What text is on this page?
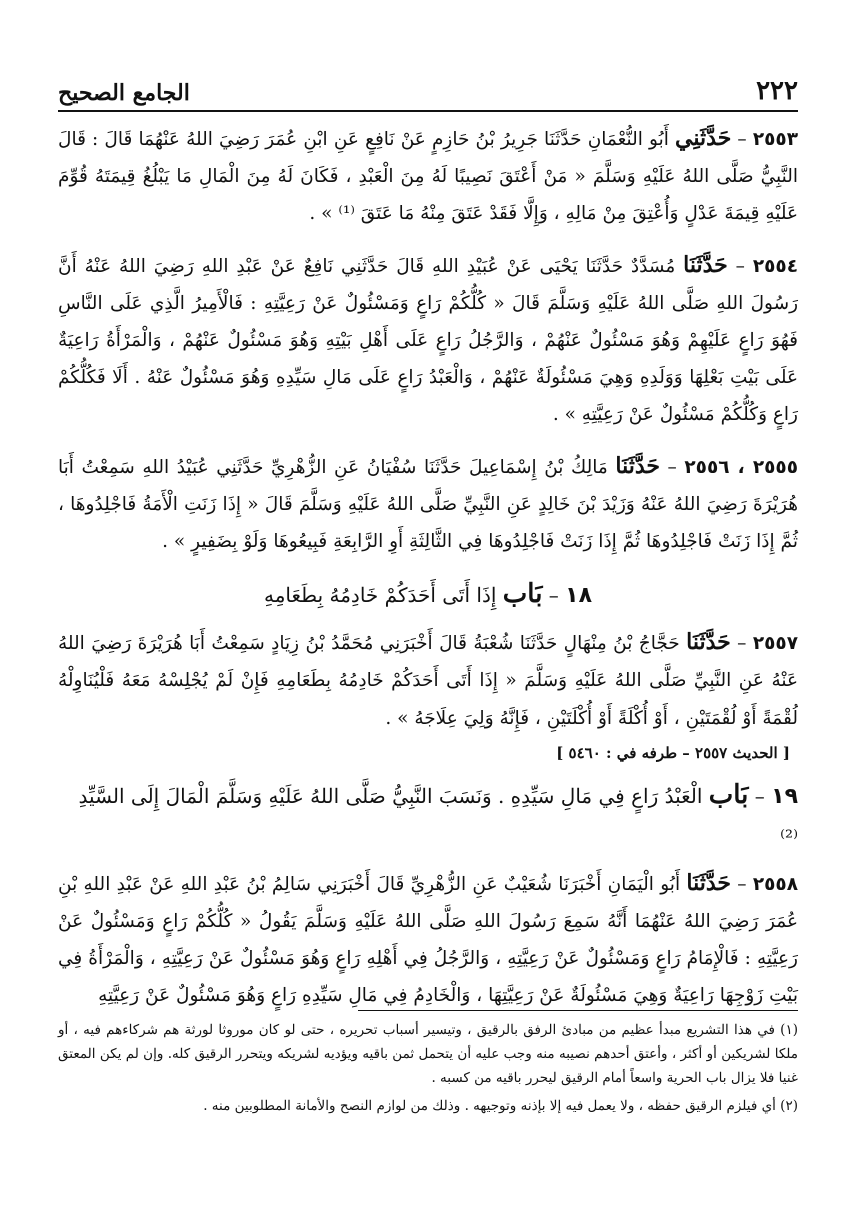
٢٢٢
الجامع الصحيح

٢٥٥٣ – حَدَّثَنِي أَبُو النُّعْمَانِ حَدَّثَنَا جَرِيرُ بْنُ حَازِمٍ عَنْ نَافِعٍ عَنِ ابْنِ عُمَرَ رَضِيَ اللهُ عَنْهُمَا قَالَ : قَالَ النَّبِيُّ صَلَّى اللهُ عَلَيْهِ وَسَلَّمَ « مَنْ أَعْتَقَ نَصِيبًا لَهُ مِنَ الْعَبْدِ ، فَكَانَ لَهُ مِنَ الْمَالِ مَا يَبْلُغُ قِيمَتَهُ قُوِّمَ عَلَيْهِ قِيمَةَ عَدْلٍ وَأُعْتِقَ مِنْ مَالِهِ ، وَإِلَّا فَقَدْ عَتَقَ مِنْهُ مَا عَتَقَ ⁽¹⁾ » .

٢٥٥٤ – حَدَّثَنَا مُسَدَّدٌ حَدَّثَنَا يَحْيَى عَنْ عُبَيْدِ اللهِ قَالَ حَدَّثَنِي نَافِعٌ عَنْ عَبْدِ اللهِ رَضِيَ اللهُ عَنْهُ أَنَّ رَسُولَ اللهِ صَلَّى اللهُ عَلَيْهِ وَسَلَّمَ قَالَ « كُلُّكُمْ رَاعٍ وَمَسْئُولٌ عَنْ رَعِيَّتِهِ : فَالْأَمِيرُ الَّذِي عَلَى النَّاسِ فَهُوَ رَاعٍ عَلَيْهِمْ وَهُوَ مَسْئُولٌ عَنْهُمْ ، وَالرَّجُلُ رَاعٍ عَلَى أَهْلِ بَيْتِهِ وَهُوَ مَسْئُولٌ عَنْهُمْ ، وَالْمَرْأَةُ رَاعِيَةٌ عَلَى بَيْتِ بَعْلِهَا وَوَلَدِهِ وَهِيَ مَسْئُولَةٌ عَنْهُمْ ، وَالْعَبْدُ رَاعٍ عَلَى مَالِ سَيِّدِهِ وَهُوَ مَسْئُولٌ عَنْهُ . أَلَا فَكُلُّكُمْ رَاعٍ وَكُلُّكُمْ مَسْئُولٌ عَنْ رَعِيَّتِهِ » .

٢٥٥٥ ، ٢٥٥٦ – حَدَّثَنَا مَالِكُ بْنُ إِسْمَاعِيلَ حَدَّثَنَا سُفْيَانُ عَنِ الزُّهْرِيِّ حَدَّثَنِي عُبَيْدُ اللهِ سَمِعْتُ أَبَا هُرَيْرَةَ رَضِيَ اللهُ عَنْهُ وَزَيْدَ بْنَ خَالِدٍ عَنِ النَّبِيِّ صَلَّى اللهُ عَلَيْهِ وَسَلَّمَ قَالَ « إِذَا زَنَتِ الْأَمَةُ فَاجْلِدُوهَا ، ثُمَّ إِذَا زَنَتْ فَاجْلِدُوهَا ثُمَّ إِذَا زَنَتْ فَاجْلِدُوهَا فِي الثَّالِثَةِ أَوِ الرَّابِعَةِ فَبِيعُوهَا وَلَوْ بِضَفِيرٍ » .

١٨ – بَاب إِذَا أَتَى أَحَدَكُمْ خَادِمُهُ بِطَعَامِهِ

٢٥٥٧ – حَدَّثَنَا حَجَّاجُ بْنُ مِنْهَالٍ حَدَّثَنَا شُعْبَةُ قَالَ أَخْبَرَنِي مُحَمَّدُ بْنُ زِيَادٍ سَمِعْتُ أَبَا هُرَيْرَةَ رَضِيَ اللهُ عَنْهُ عَنِ النَّبِيِّ صَلَّى اللهُ عَلَيْهِ وَسَلَّمَ « إِذَا أَتَى أَحَدَكُمْ خَادِمُهُ بِطَعَامِهِ فَإِنْ لَمْ يُجْلِسْهُ مَعَهُ فَلْيُنَاوِلْهُ لُقْمَةً أَوْ لُقْمَتَيْنِ ، أَوْ أُكْلَةً أَوْ أُكْلَتَيْنِ ، فَإِنَّهُ وَلِيَ عِلَاجَهُ » .

[ الحديث ٢٥٥٧ – طرفه في : ٥٤٦٠ ]
١٩ – بَاب الْعَبْدُ رَاعٍ فِي مَالِ سَيِّدِهِ . وَنَسَبَ النَّبِيُّ صَلَّى اللهُ عَلَيْهِ وَسَلَّمَ الْمَالَ إِلَى السَّيِّدِ ⁽²⁾

٢٥٥٨ – حَدَّثَنَا أَبُو الْيَمَانِ أَخْبَرَنَا شُعَيْبٌ عَنِ الزُّهْرِيِّ قَالَ أَخْبَرَنِي سَالِمُ بْنُ عَبْدِ اللهِ عَنْ عَبْدِ اللهِ بْنِ عُمَرَ رَضِيَ اللهُ عَنْهُمَا أَنَّهُ سَمِعَ رَسُولَ اللهِ صَلَّى اللهُ عَلَيْهِ وَسَلَّمَ يَقُولُ « كُلُّكُمْ رَاعٍ وَمَسْئُولٌ عَنْ رَعِيَّتِهِ : فَالْإِمَامُ رَاعٍ وَمَسْئُولٌ عَنْ رَعِيَّتِهِ ، وَالرَّجُلُ فِي أَهْلِهِ رَاعٍ وَهُوَ مَسْئُولٌ عَنْ رَعِيَّتِهِ ، وَالْمَرْأَةُ فِي بَيْتِ زَوْجِهَا رَاعِيَةٌ وَهِيَ مَسْئُولَةٌ عَنْ رَعِيَّتِهَا ، وَالْخَادِمُ فِي مَالِ سَيِّدِهِ رَاعٍ وَهُوَ مَسْئُولٌ عَنْ رَعِيَّتِهِ

(١) في هذا التشريع مبدأ عظيم من مبادئ الرفق بالرقيق ، وتيسير أسباب تحريره ، حتى لو كان موروثا لورثة هم شركاءهم فيه ، أو ملكا لشريكين أو أكثر ، وأعتق أحدهم نصيبه منه وجب عليه أن يتحمل ثمن باقيه ويؤديه لشريكه ويتحرر الرقيق كله. وإن لم يكن المعتق غنيا فلا يزال باب الحرية واسعاً أمام الرقيق ليحرر باقيه من كسبه .

(٢) أي فيلزم الرقيق حفظه ، ولا يعمل فيه إلا بإذنه وتوجيهه . وذلك من لوازم النصح والأمانة المطلوبين منه .
